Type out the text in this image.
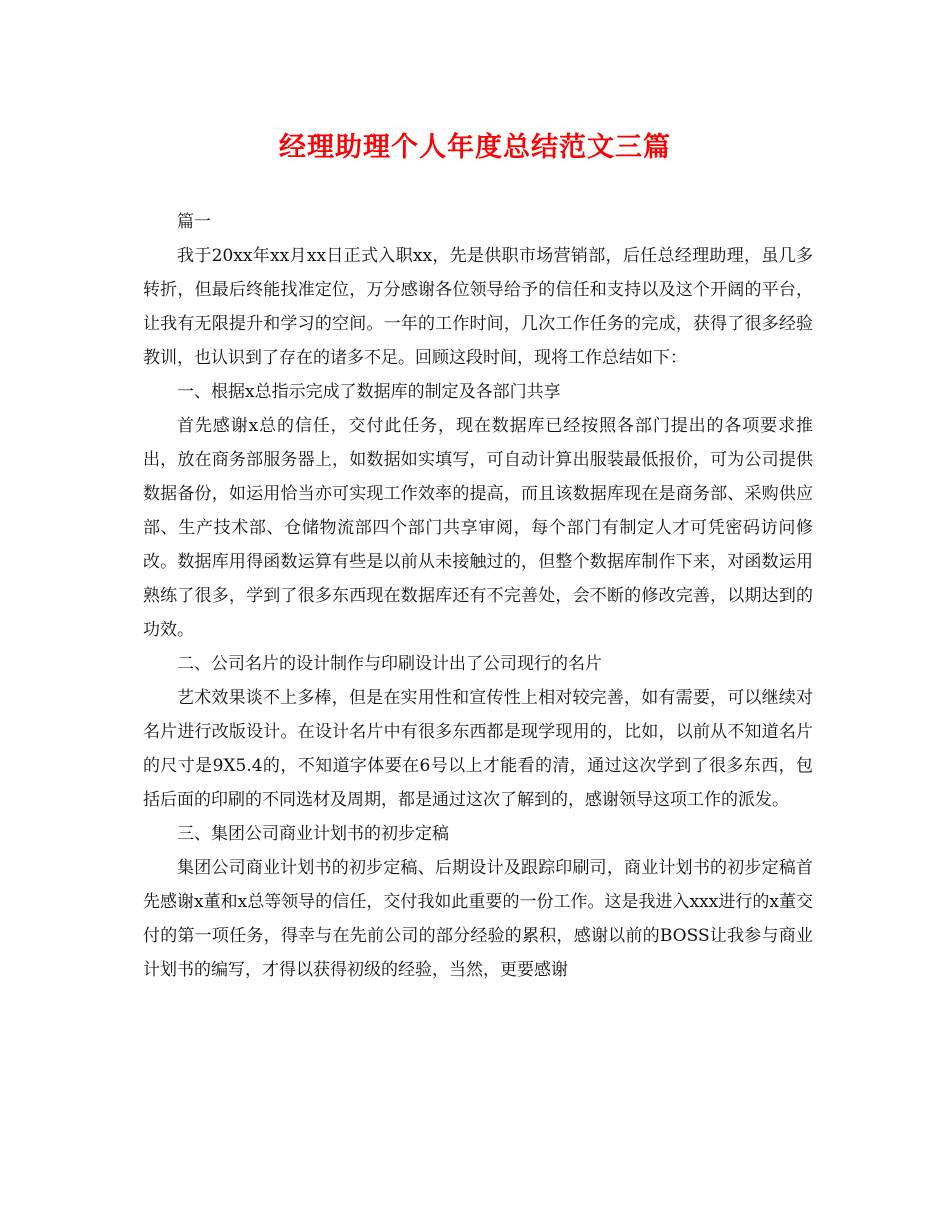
经理助理个人年度总结范文三篇

篇一

我于20xx年xx月xx日正式入职xx，先是供职市场营销部，后任总经理助理，虽几多转折，但最后终能找准定位，万分感谢各位领导给予的信任和支持以及这个开阔的平台，让我有无限提升和学习的空间。一年的工作时间，几次工作任务的完成，获得了很多经验教训，也认识到了存在的诸多不足。回顾这段时间，现将工作总结如下：

一、根据x总指示完成了数据库的制定及各部门共享

首先感谢x总的信任，交付此任务，现在数据库已经按照各部门提出的各项要求推出，放在商务部服务器上，如数据如实填写，可自动计算出服装最低报价，可为公司提供数据备份，如运用恰当亦可实现工作效率的提高，而且该数据库现在是商务部、采购供应部、生产技术部、仓储物流部四个部门共享审阅，每个部门有制定人才可凭密码访问修改。数据库用得函数运算有些是以前从未接触过的，但整个数据库制作下来，对函数运用熟练了很多，学到了很多东西现在数据库还有不完善处，会不断的修改完善，以期达到的功效。

二、公司名片的设计制作与印刷设计出了公司现行的名片

艺术效果谈不上多棒，但是在实用性和宣传性上相对较完善，如有需要，可以继续对名片进行改版设计。在设计名片中有很多东西都是现学现用的，比如，以前从不知道名片的尺寸是9X5.4的，不知道字体要在6号以上才能看的清，通过这次学到了很多东西，包括后面的印刷的不同选材及周期，都是通过这次了解到的，感谢领导这项工作的派发。

三、集团公司商业计划书的初步定稿

集团公司商业计划书的初步定稿、后期设计及跟踪印刷司，商业计划书的初步定稿首先感谢x董和x总等领导的信任，交付我如此重要的一份工作。这是我进入xxx进行的x董交付的第一项任务，得幸与在先前公司的部分经验的累积，感谢以前的BOSS让我参与商业计划书的编写，才得以获得初级的经验，当然，更要感谢
